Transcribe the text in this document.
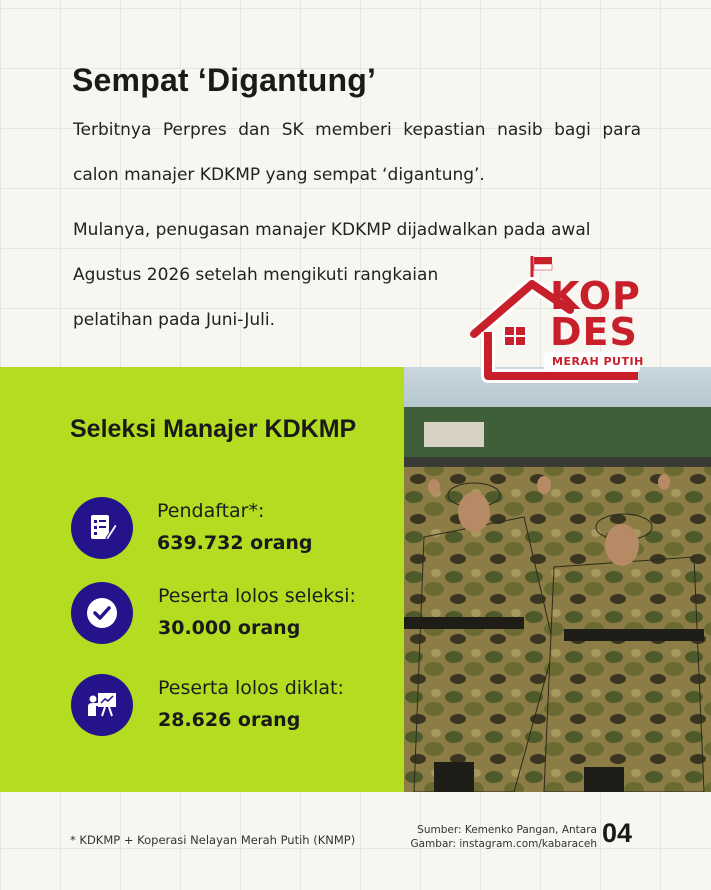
Sempat ‘Digantung’

Terbitnya Perpres dan SK memberi kepastian nasib bagi para calon manajer KDKMP yang sempat ‘digantung’.

Mulanya, penugasan manajer KDKMP dijadwalkan pada awal
Agustus 2026 setelah mengikuti rangkaian
pelatihan pada Juni-Juli.
KOP
DES
MERAH PUTIH
Seleksi Manajer KDKMP
Pendaftar*:
639.732 orang
Peserta lolos seleksi:
30.000 orang
Peserta lolos diklat:
28.626 orang
* KDKMP + Koperasi Nelayan Merah Putih (KNMP)
Sumber: Kemenko Pangan, Antara
Gambar: instagram.com/kabaraceh 04
